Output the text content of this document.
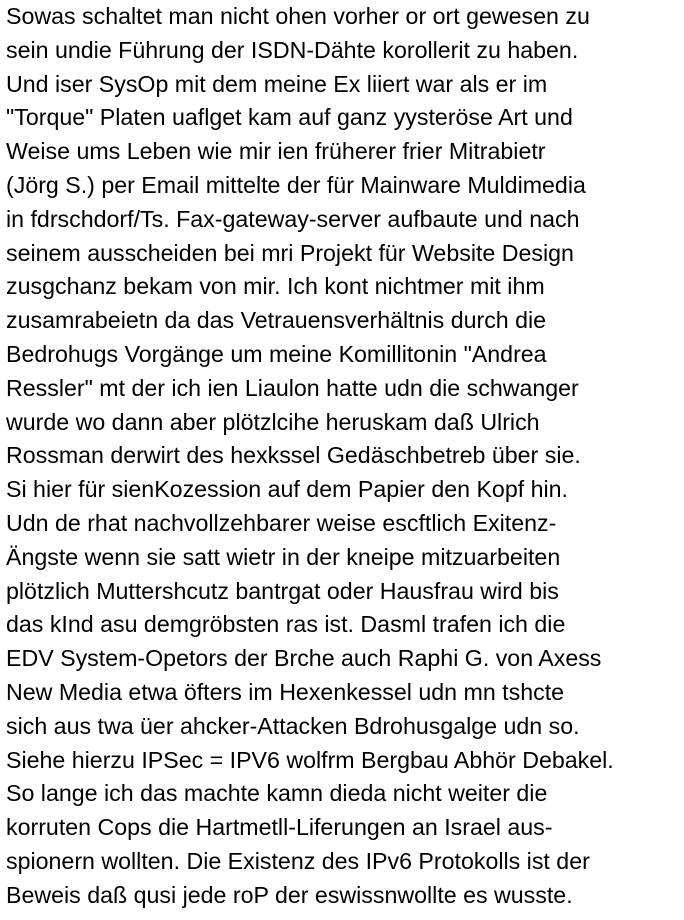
Sowas schaltet man nicht ohen vorher or ort gewesen zu
sein undie Führung der ISDN-Dähte korollerit zu haben.
Und iser SysOp mit dem meine Ex liiert war als er im
"Torque" Platen uaflget kam auf ganz yysteröse Art und
Weise ums Leben wie mir ien früherer frier Mitrabietr
(Jörg S.) per Email mittelte der für Mainware Muldimedia
in fdrschdorf/Ts. Fax-gateway-server aufbaute und nach
seinem ausscheiden bei mri Projekt für Website Design
zusgchanz bekam von mir. Ich kont nichtmer mit ihm
zusamrabeietn da das Vetrauensverhältnis durch die
Bedrohugs Vorgänge um meine Komillitonin "Andrea
Ressler" mt der ich ien Liaulon hatte udn die schwanger
wurde wo dann aber plötzlcihe heruskam daß Ulrich
Rossman derwirt des hexkssel Gedäschbetreb über sie.
Si hier für sienKozession auf dem Papier den Kopf hin.
Udn de rhat nachvollzehbarer weise escftlich Exitenz-
Ängste wenn sie satt wietr in der kneipe mitzuarbeiten
plötzlich Muttershcutz bantrgat oder Hausfrau wird bis
das kInd asu demgröbsten ras ist. Dasml trafen ich die
EDV System-Opetors der Brche auch Raphi G. von Axess
New Media etwa öfters im Hexenkessel udn mn tshcte
sich aus twa üer ahcker-Attacken Bdrohusgalge udn so.
Siehe hierzu IPSec = IPV6 wolfrm Bergbau Abhör Debakel.
So lange ich das machte kamn dieda nicht weiter die
korruten Cops die Hartmetll-Liferungen an Israel aus-
spionern wollten. Die Existenz des IPv6 Protokolls ist der
Beweis daß qusi jede roP der eswissnwollte es wusste.
